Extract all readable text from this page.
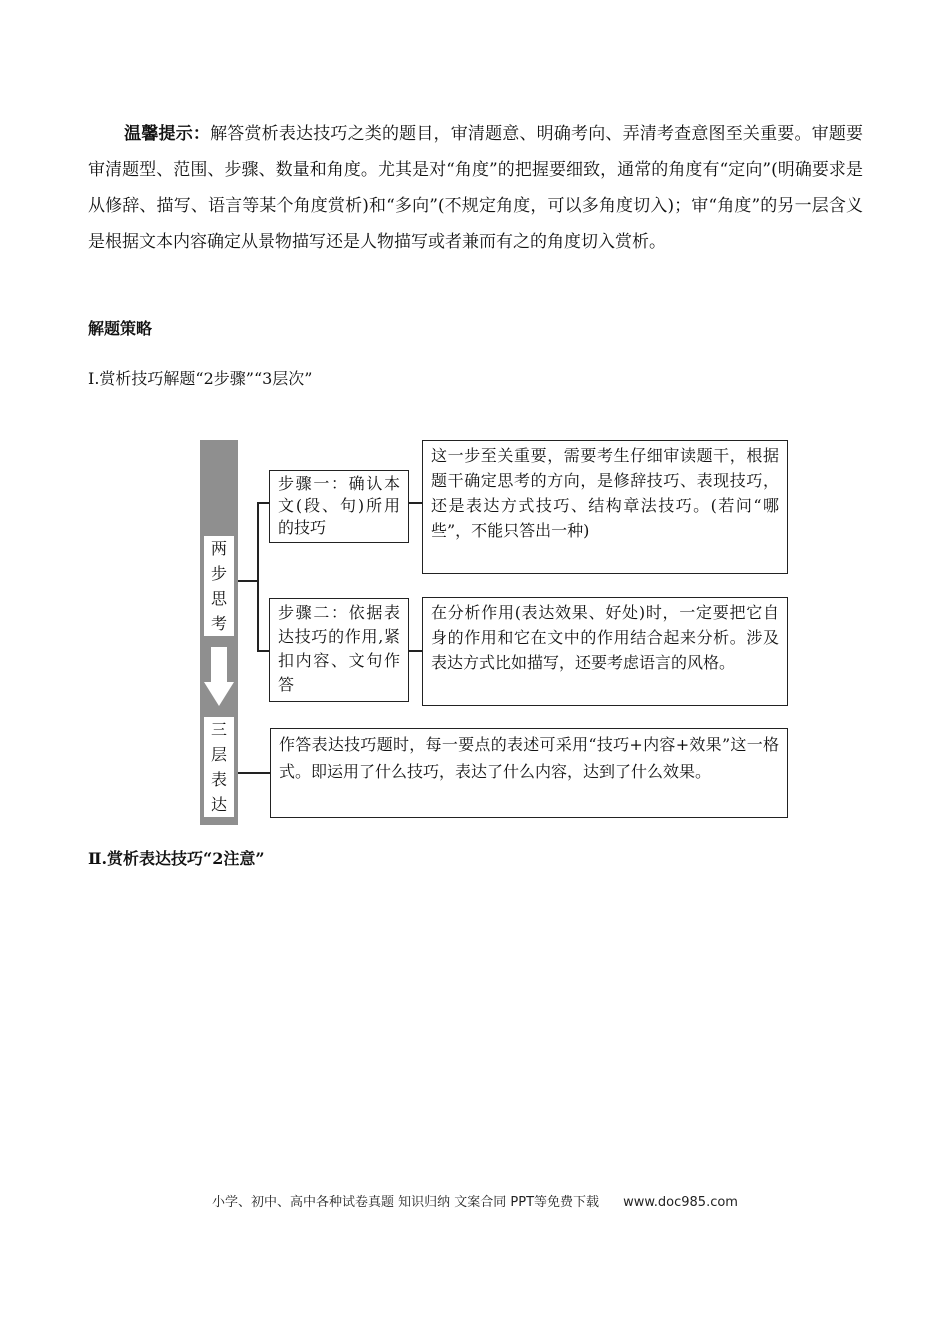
温馨提示：解答赏析表达技巧之类的题目，审清题意、明确考向、弄清考查意图至关重要。审题要审清题型、范围、步骤、数量和角度。尤其是对“角度”的把握要细致，通常的角度有“定向”(明确要求是从修辞、描写、语言等某个角度赏析)和“多向”(不规定角度，可以多角度切入)；审“角度”的另一层含义是根据文本内容确定从景物描写还是人物描写或者兼而有之的角度切入赏析。
解题策略
Ⅰ.赏析技巧解题“2步骤”“3层次”
两
步
思
考
三
层
表
达
步骤一：确认本文(段、句)所用的技巧
这一步至关重要，需要考生仔细审读题干，根据题干确定思考的方向，是修辞技巧、表现技巧，还是表达方式技巧、结构章法技巧。(若问“哪些”，不能只答出一种)
步骤二：依据表达技巧的作用,紧扣内容、文句作答
在分析作用(表达效果、好处)时，一定要把它自身的作用和它在文中的作用结合起来分析。涉及表达方式比如描写，还要考虑语言的风格。
作答表达技巧题时，每一要点的表述可采用“技巧+内容+效果”这一格式。即运用了什么技巧，表达了什么内容，达到了什么效果。
Ⅱ.赏析表达技巧“2注意”
小学、初中、高中各种试卷真题 知识归纳 文案合同 PPT等免费下载 www.doc985.com
